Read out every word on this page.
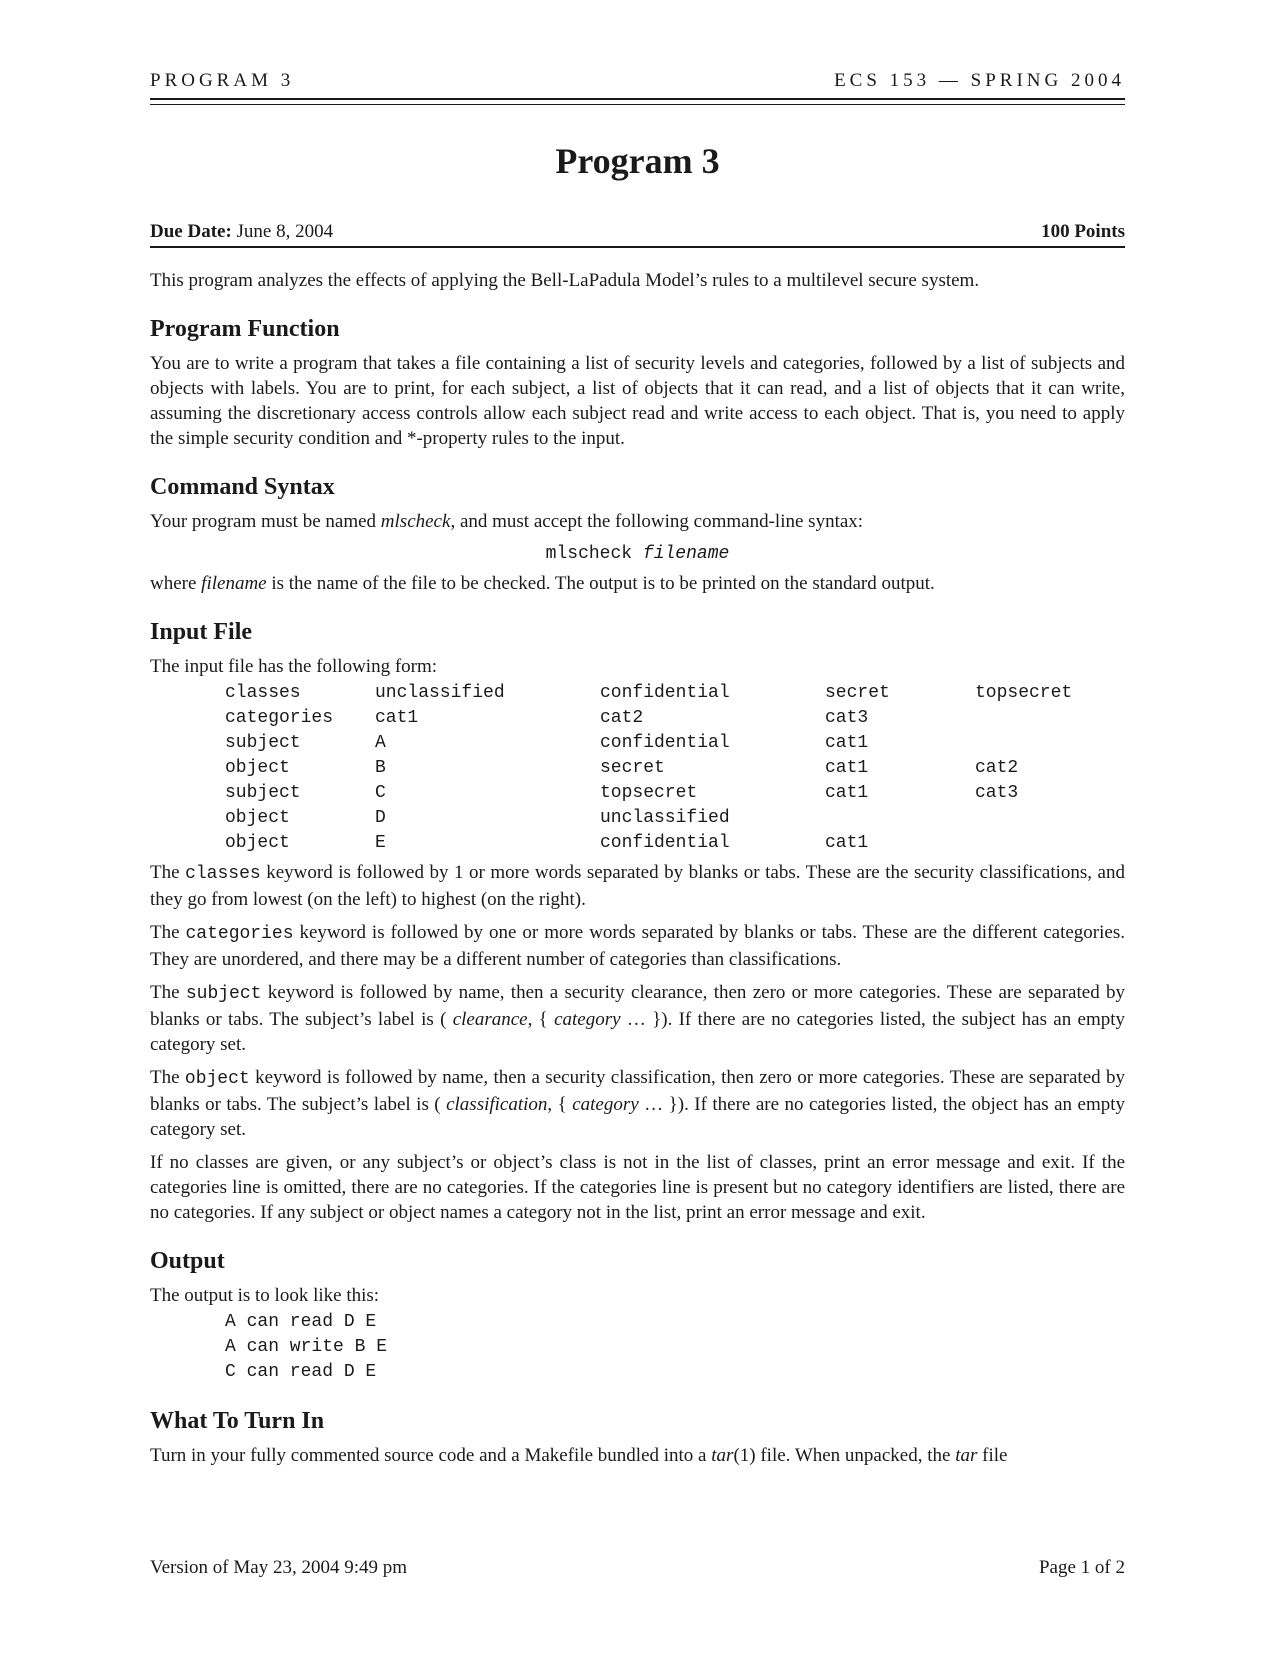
PROGRAM 3	ECS 153 — SPRING 2004
Program 3
Due Date: June 8, 2004	100 Points

This program analyzes the effects of applying the Bell-LaPadula Model’s rules to a multilevel secure system.

Program Function

You are to write a program that takes a file containing a list of security levels and categories, followed by a list of subjects and objects with labels. You are to print, for each subject, a list of objects that it can read, and a list of objects that it can write, assuming the discretionary access controls allow each subject read and write access to each object. That is, you need to apply the simple security condition and *-property rules to the input.

Command Syntax

Your program must be named mlscheck, and must accept the following command-line syntax:

mlscheck filename

where filename is the name of the file to be checked. The output is to be printed on the standard output.

Input File

The input file has the following form:

classes	unclassified	confidential	secret	topsecret
categories	cat1	cat2	cat3	
subject	A	confidential	cat1	
object	B	secret	cat1	cat2
subject	C	topsecret	cat1	cat3
object	D	unclassified		
object	E	confidential	cat1	

The classes keyword is followed by 1 or more words separated by blanks or tabs. These are the security classifications, and they go from lowest (on the left) to highest (on the right).

The categories keyword is followed by one or more words separated by blanks or tabs. These are the different categories. They are unordered, and there may be a different number of categories than classifications.

The subject keyword is followed by name, then a security clearance, then zero or more categories. These are separated by blanks or tabs. The subject’s label is ( clearance, { category … }). If there are no categories listed, the subject has an empty category set.

The object keyword is followed by name, then a security classification, then zero or more categories. These are separated by blanks or tabs. The subject’s label is ( classification, { category … }). If there are no categories listed, the object has an empty category set.

If no classes are given, or any subject’s or object’s class is not in the list of classes, print an error message and exit. If the categories line is omitted, there are no categories. If the categories line is present but no category identifiers are listed, there are no categories. If any subject or object names a category not in the list, print an error message and exit.

Output

The output is to look like this:

A can read D E
A can write B E
C can read D E
What To Turn In

Turn in your fully commented source code and a Makefile bundled into a tar(1) file. When unpacked, the tar file

Version of May 23, 2004 9:49 pm	Page 1 of 2
